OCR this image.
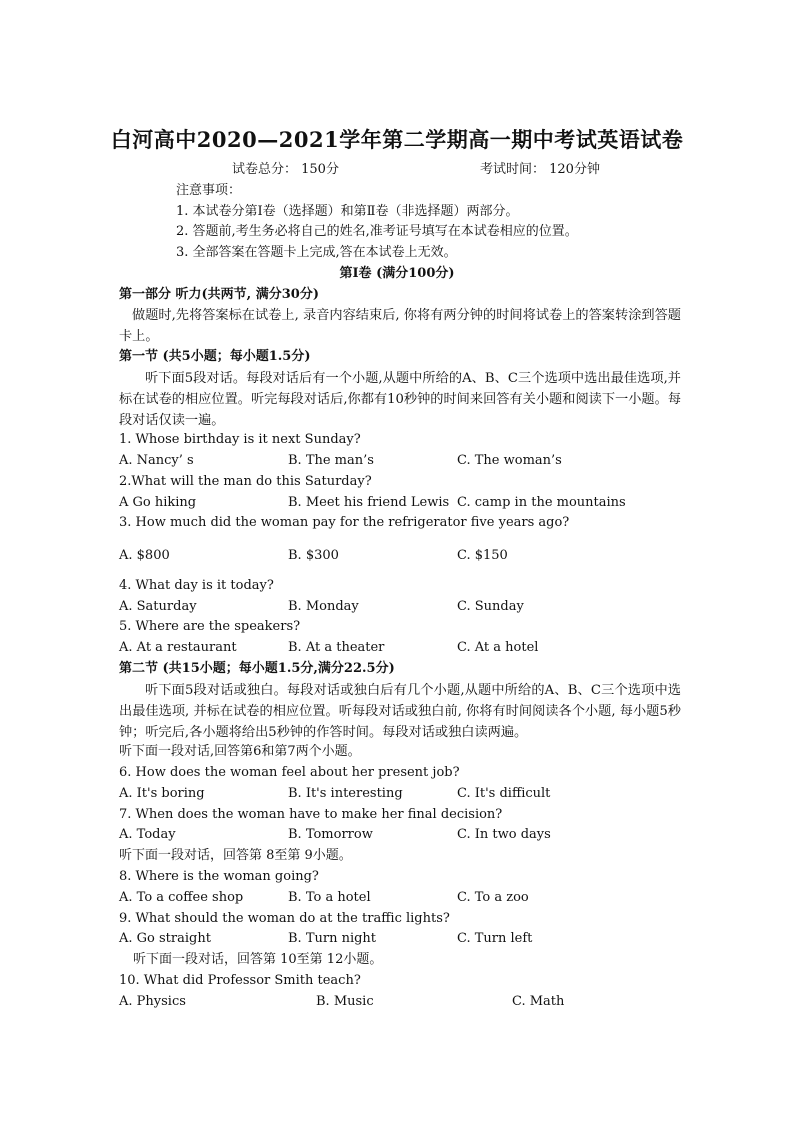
白河高中2020—2021学年第二学期高一期中考试英语试卷
试卷总分： 150分	考试时间： 120分钟
注意事项：
1. 本试卷分第Ⅰ卷（选择题）和第Ⅱ卷（非选择题）两部分。
2. 答题前,考生务必将自己的姓名,准考证号填写在本试卷相应的位置。
3. 全部答案在答题卡上完成,答在本试卷上无效。
第Ⅰ卷 (满分100分)
第一部分 听力(共两节, 满分30分)
做题时,先将答案标在试卷上, 录音内容结束后, 你将有两分钟的时间将试卷上的答案转涂到答题卡上。
第一节 (共5小题；每小题1.5分)
听下面5段对话。每段对话后有一个小题,从题中所给的A、B、C三个选项中选出最佳选项,并标在试卷的相应位置。听完每段对话后,你都有10秒钟的时间来回答有关小题和阅读下一小题。每段对话仅读一遍。
1. Whose birthday is it next Sunday?
A. Nancy’ s	B. The man’s	C. The woman’s
2.What will the man do this Saturday?
A Go hiking	B. Meet his friend Lewis C. camp in the mountains
3. How much did the woman pay for the refrigerator five years ago?
A. $800	B. $300	C. $150
4. What day is it today?
A. Saturday	B. Monday	C. Sunday
5. Where are the speakers?
A. At a restaurant	B. At a theater	C. At a hotel
第二节 (共15小题；每小题1.5分,满分22.5分)
听下面5段对话或独白。每段对话或独白后有几个小题,从题中所给的A、B、C三个选项中选出最佳选项, 并标在试卷的相应位置。听每段对话或独白前, 你将有时间阅读各个小题, 每小题5秒钟；听完后,各小题将给出5秒钟的作答时间。每段对话或独白读两遍。
听下面一段对话,回答第6和第7两个小题。
6. How does the woman feel about her present job?
A. It's boring	B. It's interesting	C. It's difficult
7. When does the woman have to make her final decision?
A. Today	B. Tomorrow	C. In two days
听下面一段对话，回答第 8至第 9小题。
8. Where is the woman going?
A. To a coffee shop	B. To a hotel	C. To a zoo
9. What should the woman do at the traffic lights?
A. Go straight	B. Turn night	C. Turn left
听下面一段对话，回答第 10至第 12小题。
10. What did Professor Smith teach?
A. Physics	B. Music	C. Math
